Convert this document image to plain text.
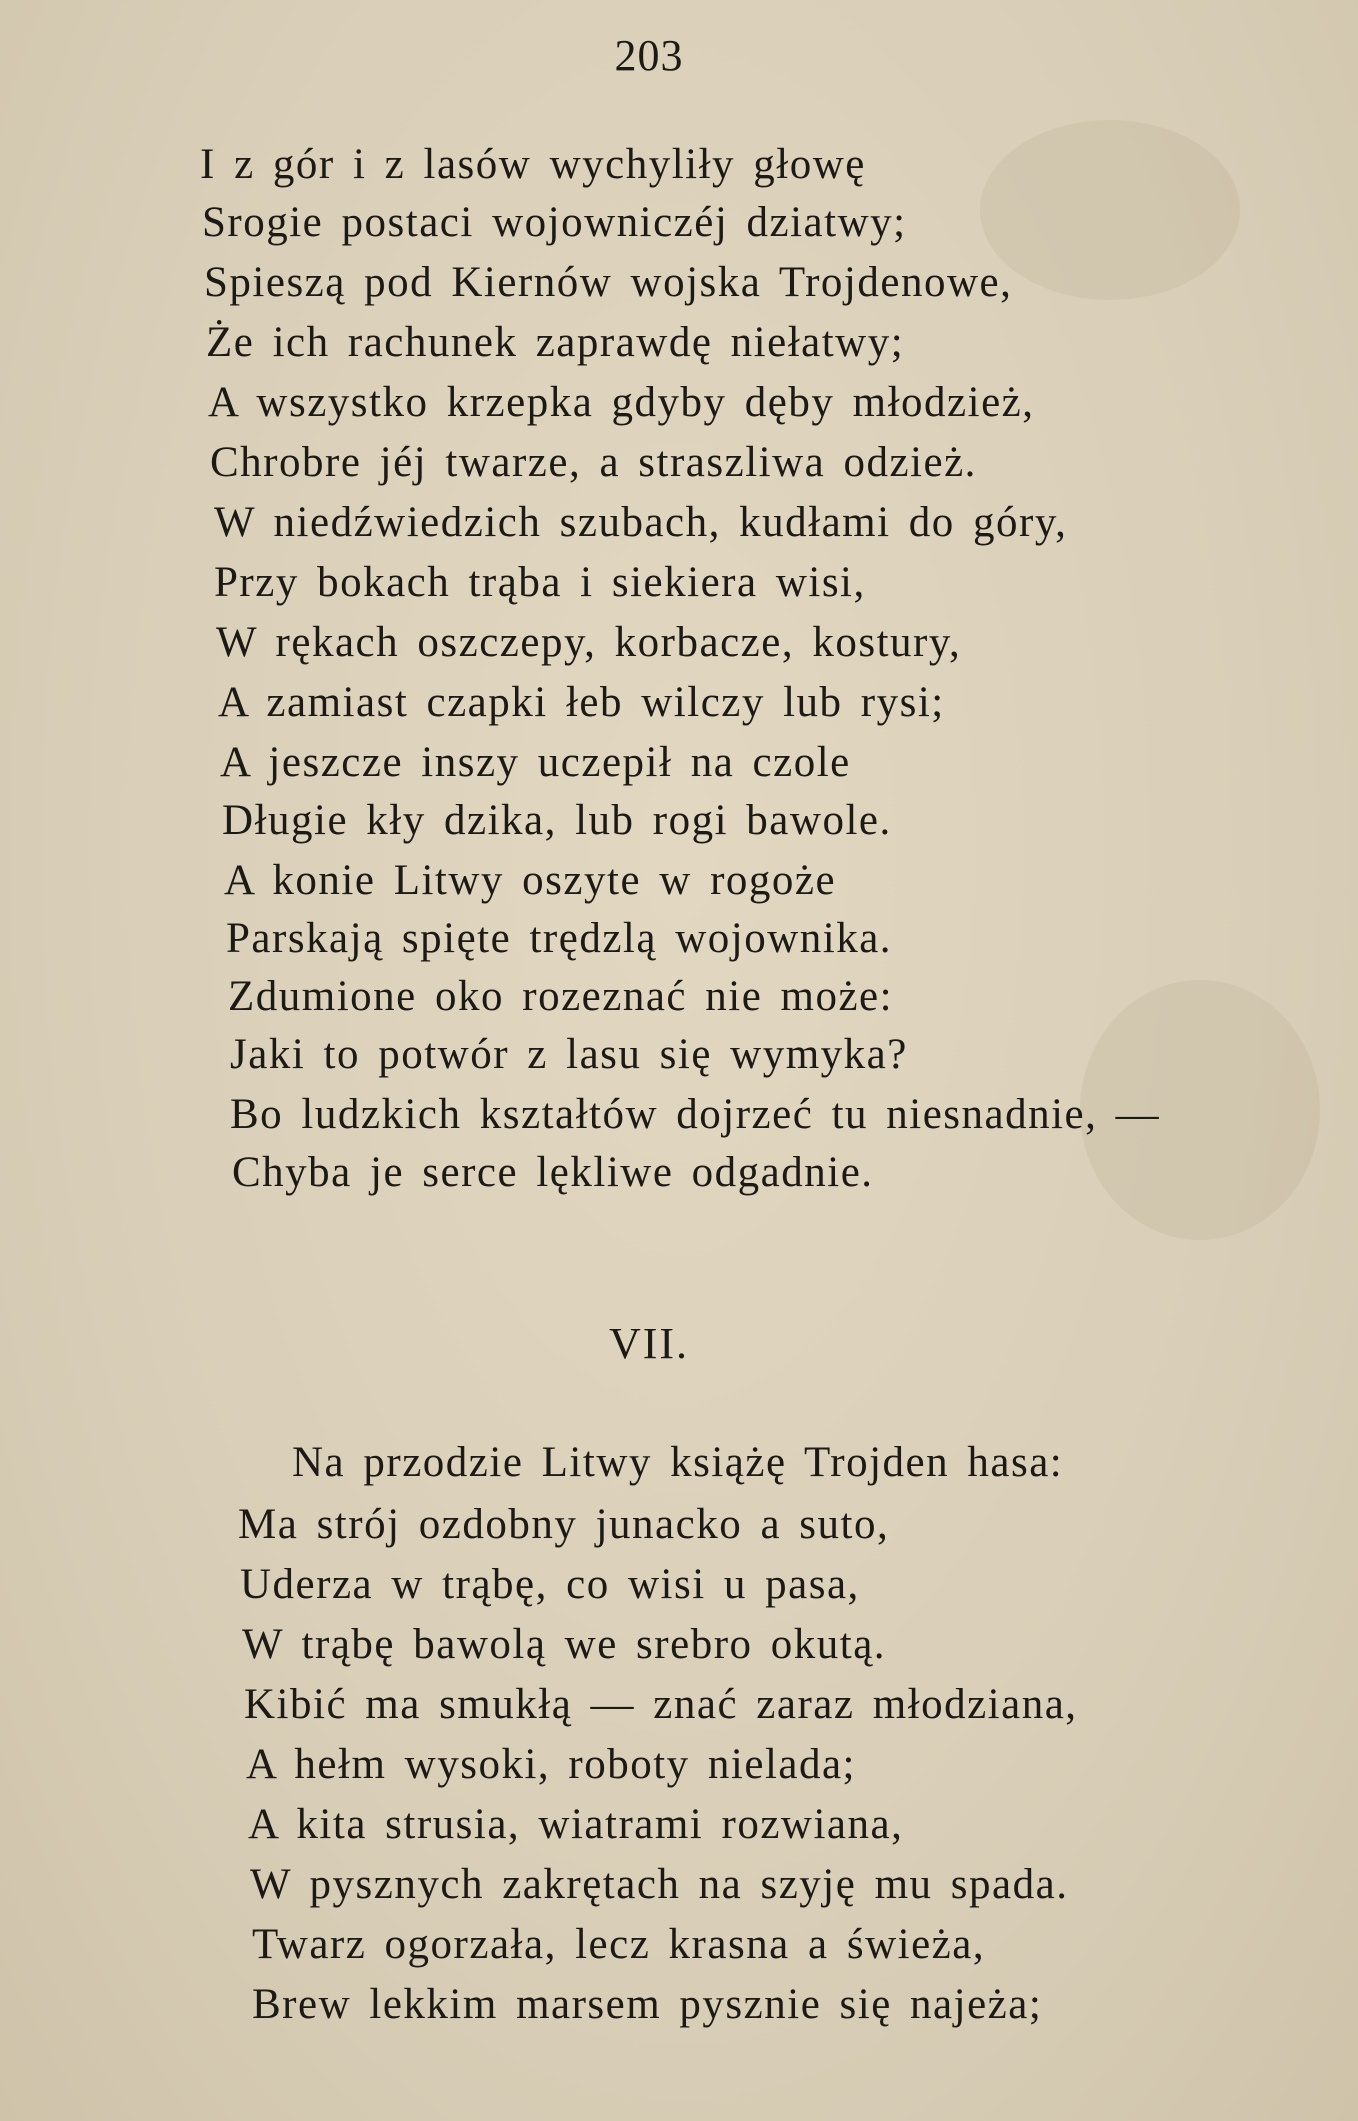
203
I z gór i z lasów wychyliły głowę
Srogie postaci wojowniczéj dziatwy;
Spieszą pod Kiernów wojska Trojdenowe,
Że ich rachunek zaprawdę niełatwy;
A wszystko krzepka gdyby dęby młodzież,
Chrobre jéj twarze, a straszliwa odzież.
W niedźwiedzich szubach, kudłami do góry,
Przy bokach trąba i siekiera wisi,
W rękach oszczepy, korbacze, kostury,
A zamiast czapki łeb wilczy lub rysi;
A jeszcze inszy uczepił na czole
Długie kły dzika, lub rogi bawole.
A konie Litwy oszyte w rogoże
Parskają spięte trędzlą wojownika.
Zdumione oko rozeznać nie może:
Jaki to potwór z lasu się wymyka?
Bo ludzkich kształtów dojrzeć tu niesnadnie, —
Chyba je serce lękliwe odgadnie.
VII.
Na przodzie Litwy książę Trojden hasa:
Ma strój ozdobny junacko a suto,
Uderza w trąbę, co wisi u pasa,
W trąbę bawolą we srebro okutą.
Kibić ma smukłą — znać zaraz młodziana,
A hełm wysoki, roboty nielada;
A kita strusia, wiatrami rozwiana,
W pysznych zakrętach na szyję mu spada.
Twarz ogorzała, lecz krasna a świeża,
Brew lekkim marsem pysznie się najeża;
